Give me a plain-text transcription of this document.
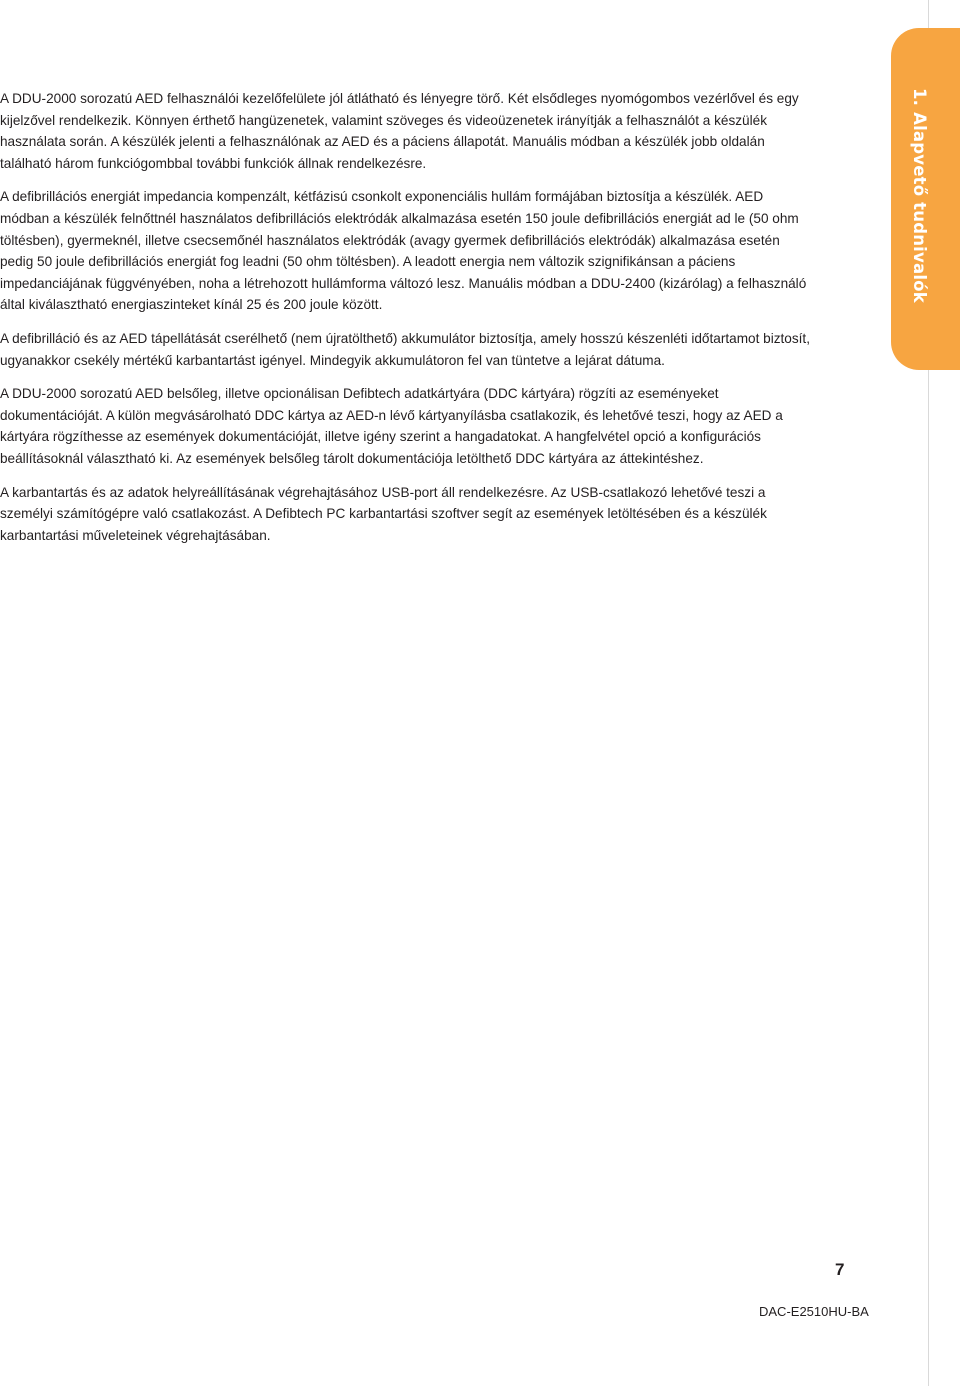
1. Alapvető tudnivalók

A DDU-2000 sorozatú AED felhasználói kezelőfelülete jól átlátható és lényegre törő. Két elsődleges nyomógombos vezérlővel és egy kijelzővel rendelkezik. Könnyen érthető hangüzenetek, valamint szöveges és videoüzenetek irányítják a felhasználót a készülék használata során. A készülék jelenti a felhasználónak az AED és a páciens állapotát. Manuális módban a készülék jobb oldalán található három funkciógombbal további funkciók állnak rendelkezésre.

A defibrillációs energiát impedancia kompenzált, kétfázisú csonkolt exponenciális hullám formájában biztosítja a készülék. AED módban a készülék felnőttnél használatos defibrillációs elektródák alkalmazása esetén 150 joule defibrillációs energiát ad le (50 ohm töltésben), gyermeknél, illetve csecsemőnél használatos elektródák (avagy gyermek defibrillációs elektródák) alkalmazása esetén pedig 50 joule defibrillációs energiát fog leadni (50 ohm töltésben). A leadott energia nem változik szignifikánsan a páciens impedanciájának függvényében, noha a létrehozott hullámforma változó lesz. Manuális módban a DDU-2400 (kizárólag) a felhasználó által kiválasztható energiaszinteket kínál 25 és 200 joule között.

A defibrilláció és az AED tápellátását cserélhető (nem újratölthető) akkumulátor biztosítja, amely hosszú készenléti időtartamot biztosít, ugyanakkor csekély mértékű karbantartást igényel. Mindegyik akkumulátoron fel van tüntetve a lejárat dátuma.

A DDU-2000 sorozatú AED belsőleg, illetve opcionálisan Defibtech adatkártyára (DDC kártyára) rögzíti az eseményeket dokumentációját. A külön megvásárolható DDC kártya az AED-n lévő kártyanyílásba csatlakozik, és lehetővé teszi, hogy az AED a kártyára rögzíthesse az események dokumentációját, illetve igény szerint a hangadatokat. A hangfelvétel opció a konfigurációs beállításoknál választható ki. Az események belsőleg tárolt dokumentációja letölthető DDC kártyára az áttekintéshez.

A karbantartás és az adatok helyreállításának végrehajtásához USB-port áll rendelkezésre. Az USB-csatlakozó lehetővé teszi a személyi számítógépre való csatlakozást. A Defibtech PC karbantartási szoftver segít az események letöltésében és a készülék karbantartási műveleteinek végrehajtásában.

7
DAC-E2510HU-BA
